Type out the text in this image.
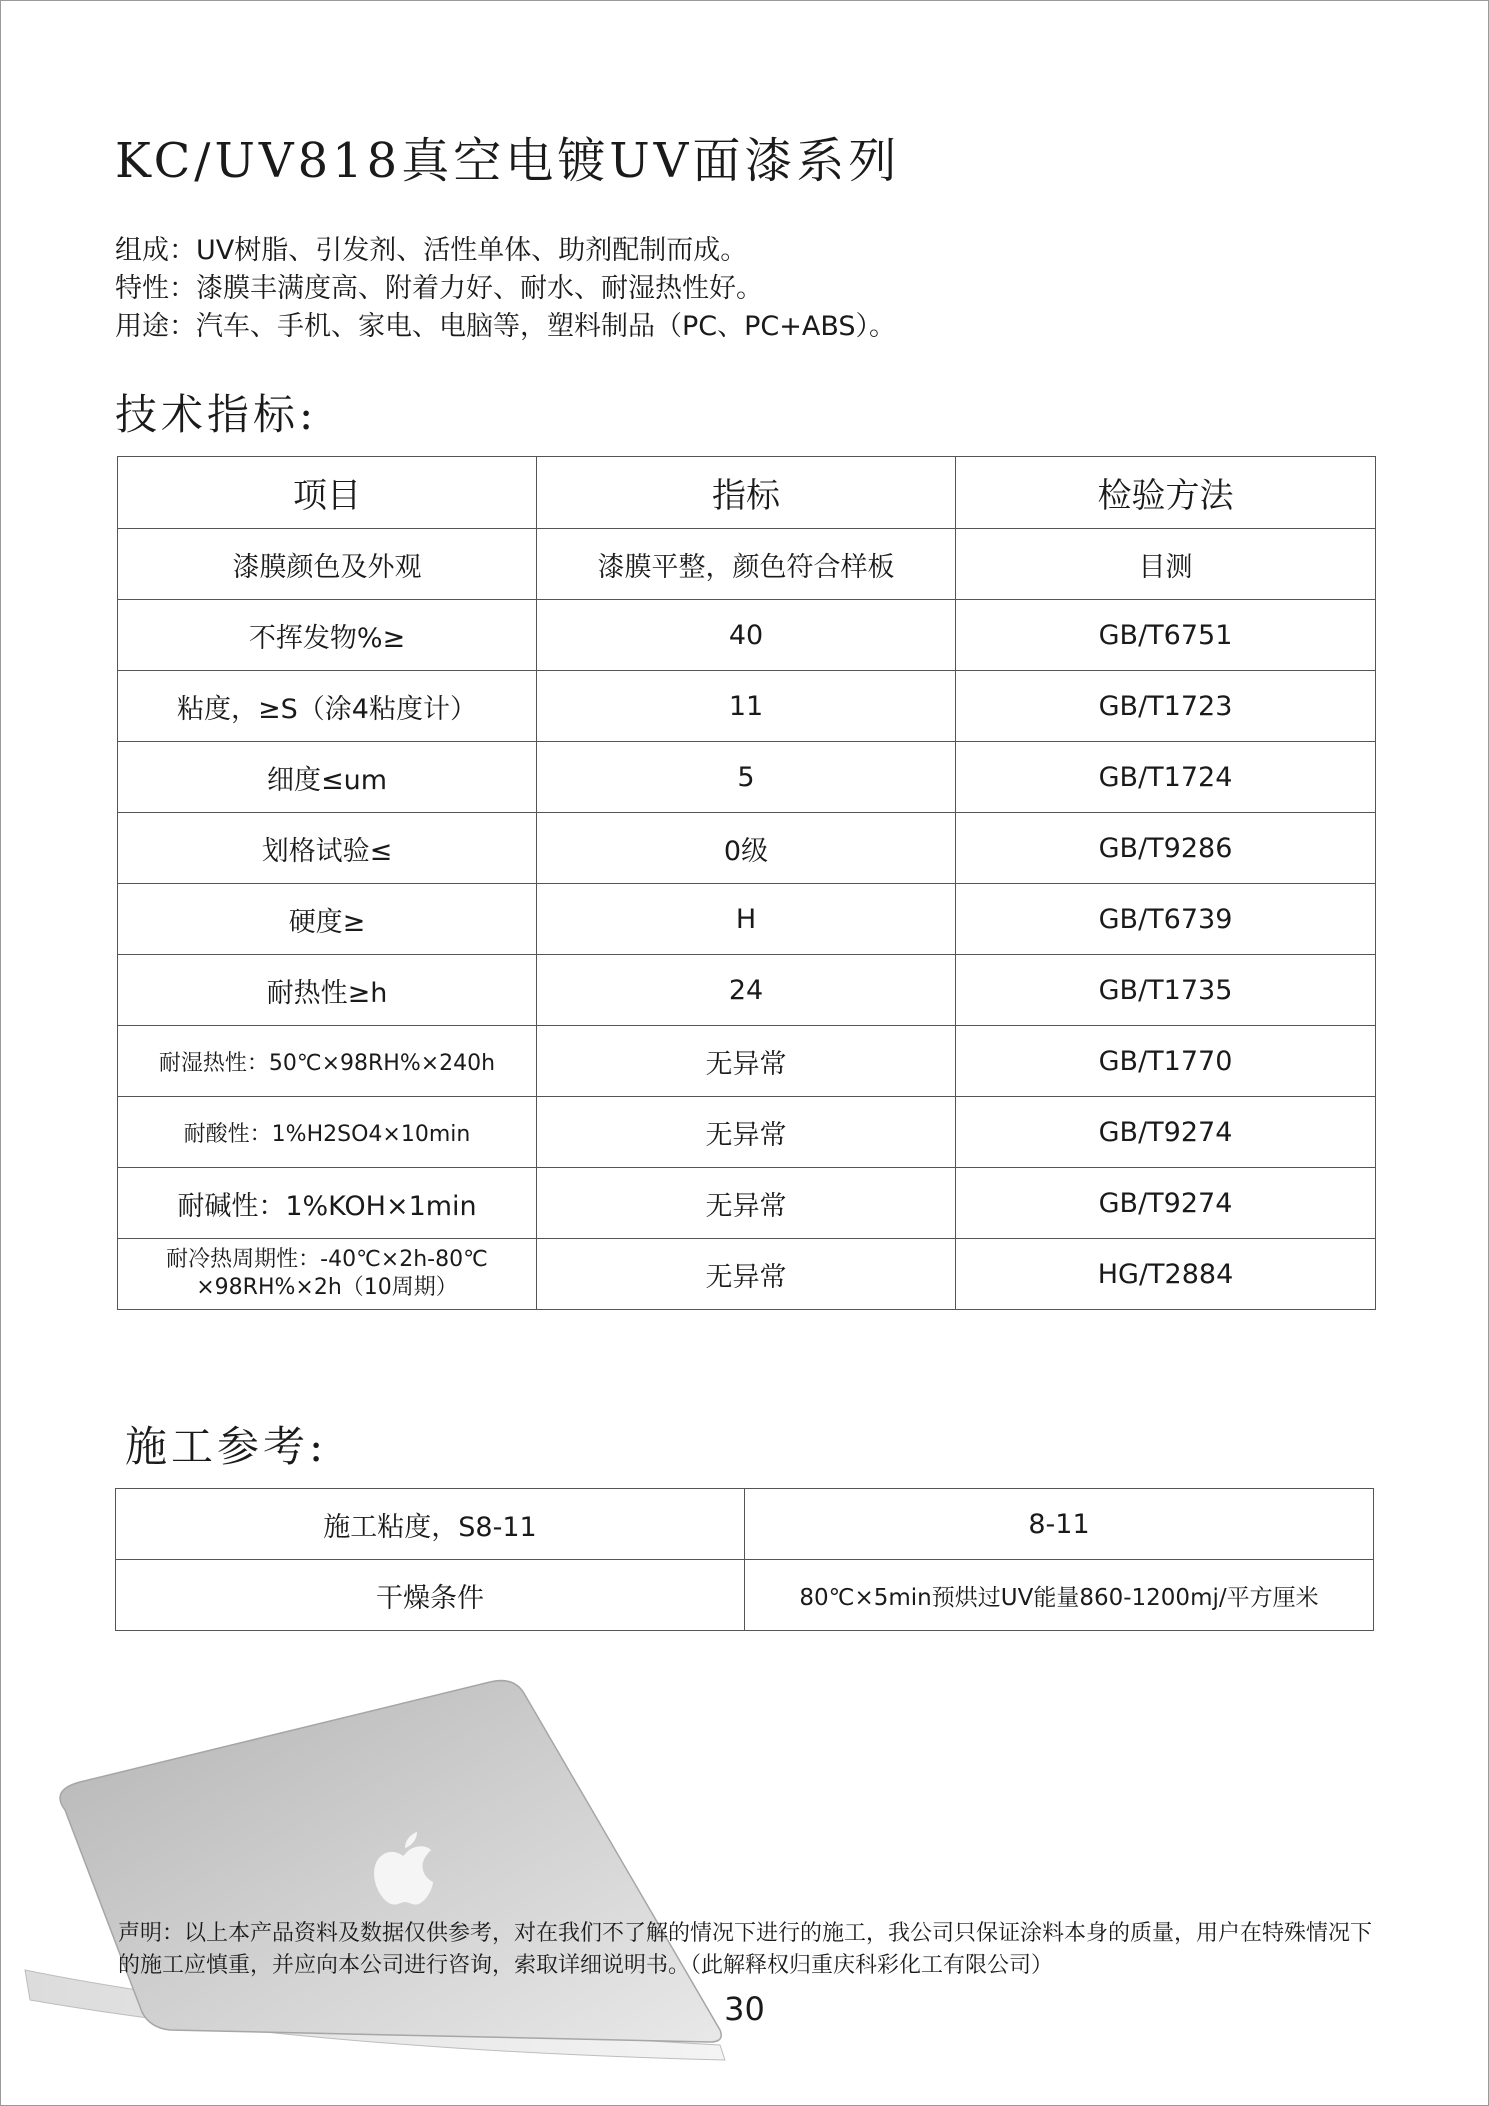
KC/UV818真空电镀UV面漆系列
组成：UV树脂、引发剂、活性单体、助剂配制而成。
特性：漆膜丰满度高、附着力好、耐水、耐湿热性好。
用途：汽车、手机、家电、电脑等，塑料制品（PC、PC+ABS）。
技术指标:
项目	指标	检验方法
漆膜颜色及外观	漆膜平整，颜色符合样板	目测
不挥发物%≥	40	GB/T6751
粘度，≥S（涂4粘度计）	11	GB/T1723
细度≤um	5	GB/T1724
划格试验≤	0级	GB/T9286
硬度≥	H	GB/T6739
耐热性≥h	24	GB/T1735
耐湿热性：50℃×98RH%×240h	无异常	GB/T1770
耐酸性：1%H2SO4×10min	无异常	GB/T9274
耐碱性：1%KOH×1min	无异常	GB/T9274
耐冷热周期性：-40℃×2h-80℃
×98RH%×2h（10周期）	无异常	HG/T2884
施工参考:
施工粘度，S8-11	8-11
干燥条件	80℃×5min预烘过UV能量860-1200mj/平方厘米
声明：以上本产品资料及数据仅供参考，对在我们不了解的情况下进行的施工，我公司只保证涂料本身的质量，用户在特殊情况下的施工应慎重，并应向本公司进行咨询，索取详细说明书。（此解释权归重庆科彩化工有限公司）
30
